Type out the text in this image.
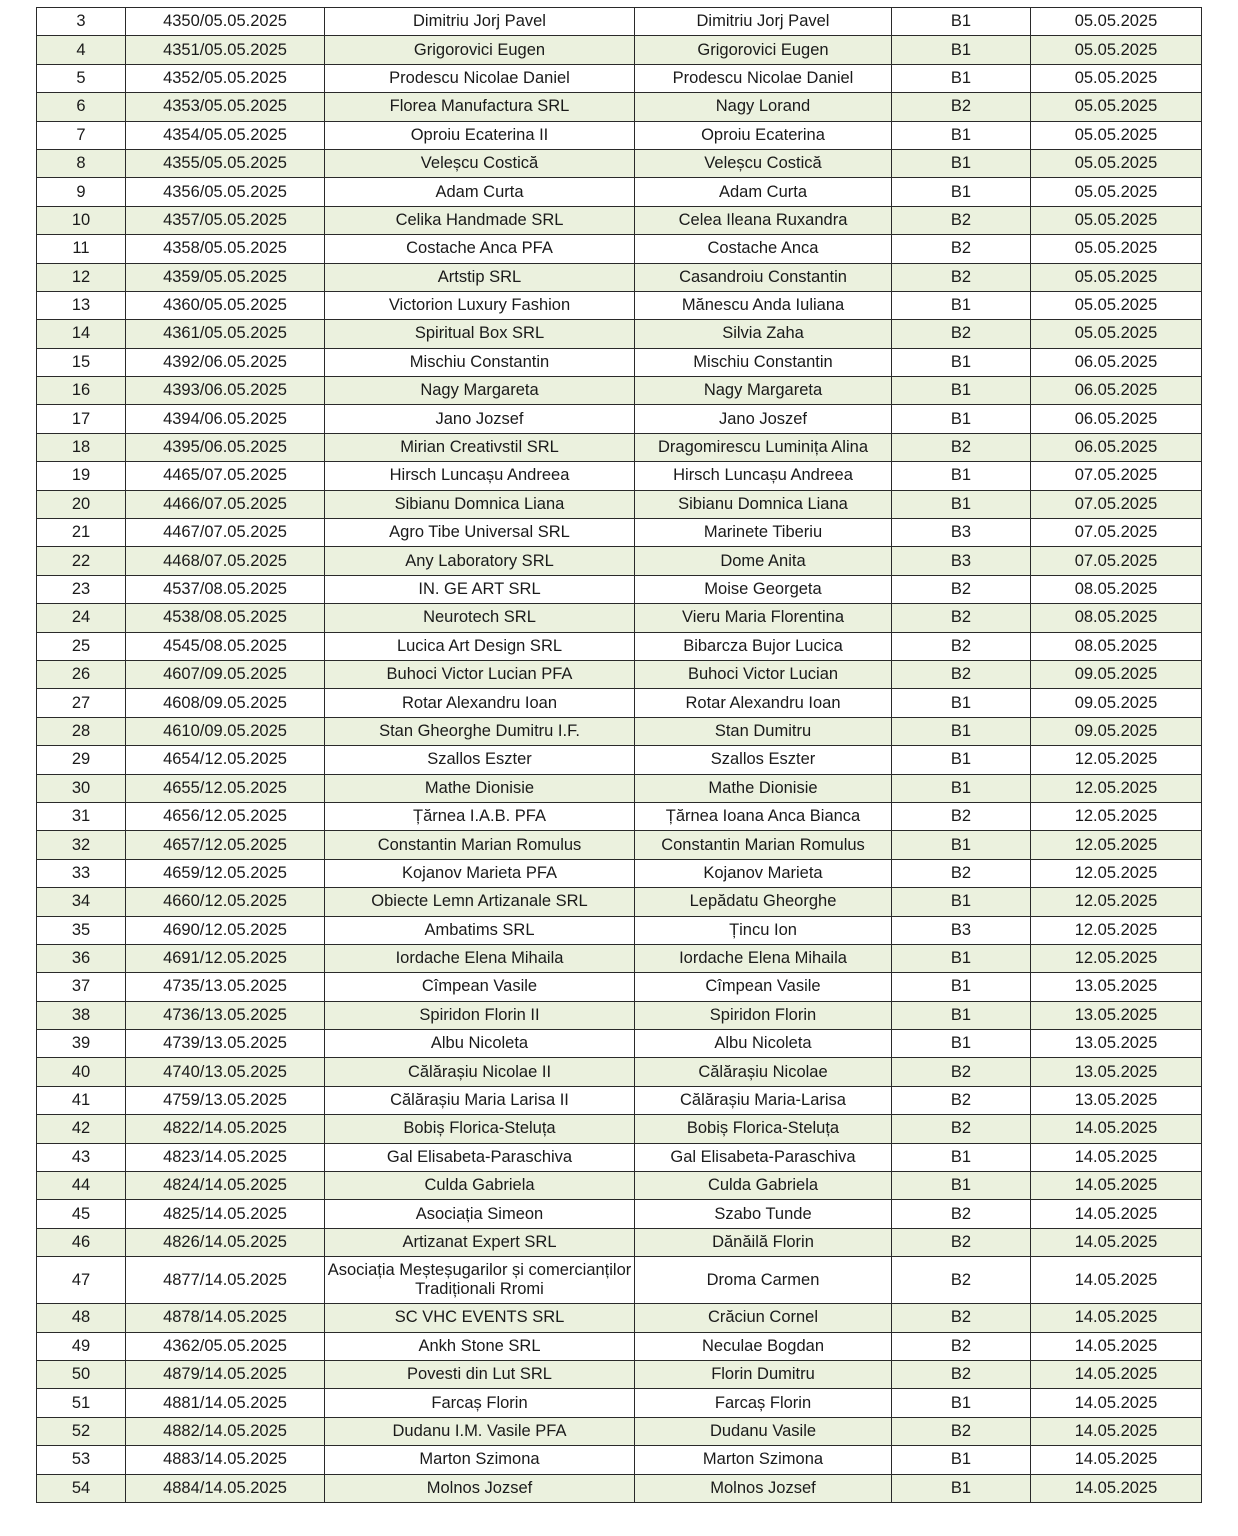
3	4350/05.05.2025	Dimitriu Jorj Pavel	Dimitriu Jorj Pavel	B1	05.05.2025
4	4351/05.05.2025	Grigorovici Eugen	Grigorovici Eugen	B1	05.05.2025
5	4352/05.05.2025	Prodescu Nicolae Daniel	Prodescu Nicolae Daniel	B1	05.05.2025
6	4353/05.05.2025	Florea Manufactura SRL	Nagy Lorand	B2	05.05.2025
7	4354/05.05.2025	Oproiu Ecaterina II	Oproiu Ecaterina	B1	05.05.2025
8	4355/05.05.2025	Veleșcu Costică	Veleșcu Costică	B1	05.05.2025
9	4356/05.05.2025	Adam Curta	Adam Curta	B1	05.05.2025
10	4357/05.05.2025	Celika Handmade SRL	Celea Ileana Ruxandra	B2	05.05.2025
11	4358/05.05.2025	Costache Anca PFA	Costache Anca	B2	05.05.2025
12	4359/05.05.2025	Artstip SRL	Casandroiu Constantin	B2	05.05.2025
13	4360/05.05.2025	Victorion Luxury Fashion	Mănescu Anda Iuliana	B1	05.05.2025
14	4361/05.05.2025	Spiritual Box SRL	Silvia Zaha	B2	05.05.2025
15	4392/06.05.2025	Mischiu Constantin	Mischiu Constantin	B1	06.05.2025
16	4393/06.05.2025	Nagy Margareta	Nagy Margareta	B1	06.05.2025
17	4394/06.05.2025	Jano Jozsef	Jano Joszef	B1	06.05.2025
18	4395/06.05.2025	Mirian Creativstil SRL	Dragomirescu Luminița Alina	B2	06.05.2025
19	4465/07.05.2025	Hirsch Luncașu Andreea	Hirsch Luncașu Andreea	B1	07.05.2025
20	4466/07.05.2025	Sibianu Domnica Liana	Sibianu Domnica Liana	B1	07.05.2025
21	4467/07.05.2025	Agro Tibe Universal SRL	Marinete Tiberiu	B3	07.05.2025
22	4468/07.05.2025	Any Laboratory SRL	Dome Anita	B3	07.05.2025
23	4537/08.05.2025	IN. GE ART SRL	Moise Georgeta	B2	08.05.2025
24	4538/08.05.2025	Neurotech SRL	Vieru Maria Florentina	B2	08.05.2025
25	4545/08.05.2025	Lucica Art Design SRL	Bibarcza Bujor Lucica	B2	08.05.2025
26	4607/09.05.2025	Buhoci Victor Lucian PFA	Buhoci Victor Lucian	B2	09.05.2025
27	4608/09.05.2025	Rotar Alexandru Ioan	Rotar Alexandru Ioan	B1	09.05.2025
28	4610/09.05.2025	Stan Gheorghe Dumitru I.F.	Stan Dumitru	B1	09.05.2025
29	4654/12.05.2025	Szallos Eszter	Szallos Eszter	B1	12.05.2025
30	4655/12.05.2025	Mathe Dionisie	Mathe Dionisie	B1	12.05.2025
31	4656/12.05.2025	Țărnea I.A.B. PFA	Țărnea Ioana Anca Bianca	B2	12.05.2025
32	4657/12.05.2025	Constantin Marian Romulus	Constantin Marian Romulus	B1	12.05.2025
33	4659/12.05.2025	Kojanov Marieta PFA	Kojanov Marieta	B2	12.05.2025
34	4660/12.05.2025	Obiecte Lemn Artizanale SRL	Lepădatu Gheorghe	B1	12.05.2025
35	4690/12.05.2025	Ambatims SRL	Țincu Ion	B3	12.05.2025
36	4691/12.05.2025	Iordache Elena Mihaila	Iordache Elena Mihaila	B1	12.05.2025
37	4735/13.05.2025	Cîmpean Vasile	Cîmpean Vasile	B1	13.05.2025
38	4736/13.05.2025	Spiridon Florin II	Spiridon Florin	B1	13.05.2025
39	4739/13.05.2025	Albu Nicoleta	Albu Nicoleta	B1	13.05.2025
40	4740/13.05.2025	Călărașiu Nicolae II	Călărașiu Nicolae	B2	13.05.2025
41	4759/13.05.2025	Călărașiu Maria Larisa II	Călărașiu Maria-Larisa	B2	13.05.2025
42	4822/14.05.2025	Bobiș Florica-Steluța	Bobiș Florica-Steluța	B2	14.05.2025
43	4823/14.05.2025	Gal Elisabeta-Paraschiva	Gal Elisabeta-Paraschiva	B1	14.05.2025
44	4824/14.05.2025	Culda Gabriela	Culda Gabriela	B1	14.05.2025
45	4825/14.05.2025	Asociația Simeon	Szabo Tunde	B2	14.05.2025
46	4826/14.05.2025	Artizanat Expert SRL	Dănăilă Florin	B2	14.05.2025
47	4877/14.05.2025	Asociația Meșteșugarilor și comercianților Tradiționali Rromi	Droma Carmen	B2	14.05.2025
48	4878/14.05.2025	SC VHC EVENTS SRL	Crăciun Cornel	B2	14.05.2025
49	4362/05.05.2025	Ankh Stone SRL	Neculae Bogdan	B2	14.05.2025
50	4879/14.05.2025	Povesti din Lut SRL	Florin Dumitru	B2	14.05.2025
51	4881/14.05.2025	Farcaș Florin	Farcaș Florin	B1	14.05.2025
52	4882/14.05.2025	Dudanu I.M. Vasile PFA	Dudanu Vasile	B2	14.05.2025
53	4883/14.05.2025	Marton Szimona	Marton Szimona	B1	14.05.2025
54	4884/14.05.2025	Molnos Jozsef	Molnos Jozsef	B1	14.05.2025
